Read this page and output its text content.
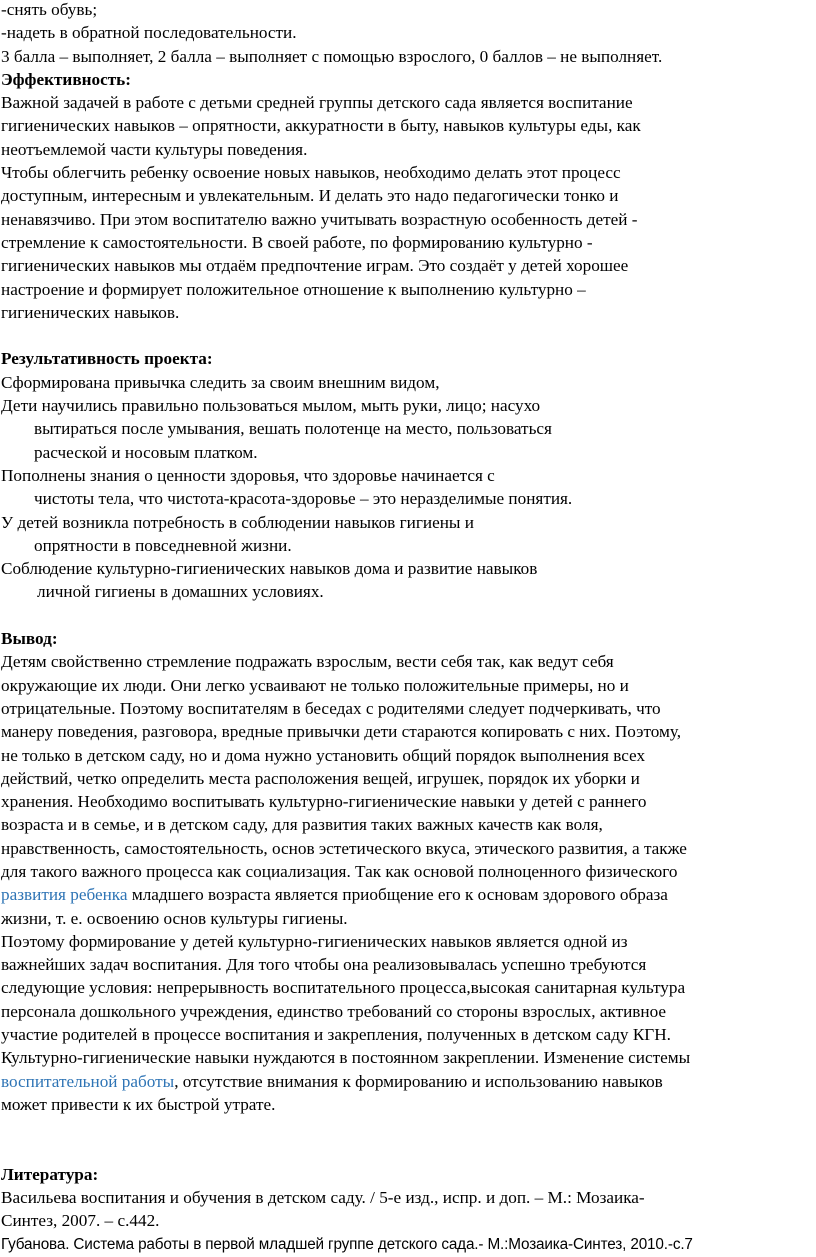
-снять обувь;

-надеть в обратной последовательности.

3 балла – выполняет, 2 балла – выполняет с помощью взрослого, 0 баллов – не выполняет.

Эффективность:

Важной задачей в работе с детьми средней группы детского сада является воспитание

гигиенических навыков – опрятности, аккуратности в быту, навыков культуры еды, как

неотъемлемой части культуры поведения.

Чтобы облегчить ребенку освоение новых навыков, необходимо делать этот процесс

доступным, интересным и увлекательным. И делать это надо педагогически тонко и

ненавязчиво. При этом воспитателю важно учитывать возрастную особенность детей -

стремление к самостоятельности. В своей работе, по формированию культурно -

гигиенических навыков мы отдаём предпочтение играм. Это создаёт у детей хорошее

настроение и формирует положительное отношение к выполнению культурно –

гигиенических навыков.

Результативность проекта:

Сформирована привычка следить за своим внешним видом,

Дети научились правильно пользоваться мылом, мыть руки, лицо; насухо

вытираться после умывания, вешать полотенце на место, пользоваться

расческой и носовым платком.

Пополнены знания о ценности здоровья, что здоровье начинается с

чистоты тела, что чистота-красота-здоровье – это неразделимые понятия.

У детей возникла потребность в соблюдении навыков гигиены и

опрятности в повседневной жизни.

Соблюдение культурно-гигиенических навыков дома и развитие навыков

личной гигиены в домашних условиях.

Вывод:

Детям свойственно стремление подражать взрослым, вести себя так, как ведут себя

окружающие их люди. Они легко усваивают не только положительные примеры, но и

отрицательные. Поэтому воспитателям в беседах с родителями следует подчеркивать, что

манеру поведения, разговора, вредные привычки дети стараются копировать с них. Поэтому,

не только в детском саду, но и дома нужно установить общий порядок выполнения всех

действий, четко определить места расположения вещей, игрушек, порядок их уборки и

хранения. Необходимо воспитывать культурно-гигиенические навыки у детей с раннего

возраста и в семье, и в детском саду, для развития таких важных качеств как воля,

нравственность, самостоятельность, основ эстетического вкуса, этического развития, а также

для такого важного процесса как социализация. Так как основой полноценного физического

развития ребенка младшего возраста является приобщение его к основам здорового образа

жизни, т. е. освоению основ культуры гигиены.

Поэтому формирование у детей культурно-гигиенических навыков является одной из

важнейших задач воспитания. Для того чтобы она реализовывалась успешно требуются

следующие условия: непрерывность воспитательного процесса,высокая санитарная культура

персонала дошкольного учреждения, единство требований со стороны взрослых, активное

участие родителей в процессе воспитания и закрепления, полученных в детском саду КГН.

Культурно-гигиенические навыки нуждаются в постоянном закреплении. Изменение системы

воспитательной работы, отсутствие внимания к формированию и использованию навыков

может привести к их быстрой утрате.

Литература:

Васильева воспитания и обучения в детском саду. / 5-е изд., испр. и доп. – М.: Мозаика-

Синтез, 2007. – с.442.

Губанова. Система работы в первой младшей группе детского сада.- М.:Мозаика-Синтез, 2010.-с.7
